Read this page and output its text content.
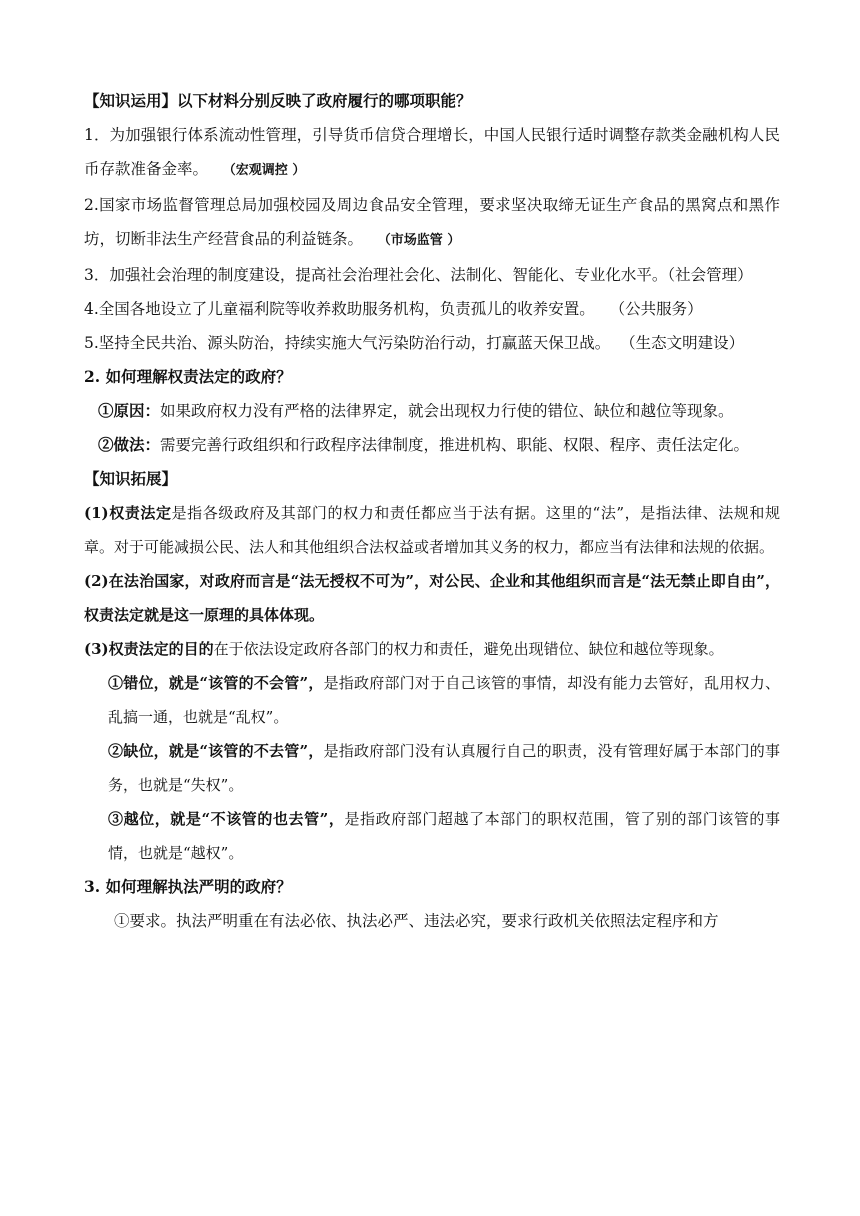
【知识运用】以下材料分别反映了政府履行的哪项职能？

1．为加强银行体系流动性管理，引导货币信贷合理增长，中国人民银行适时调整存款类金融机构人民币存款准备金率。 （宏观调控 ）

2.国家市场监督管理总局加强校园及周边食品安全管理，要求坚决取缔无证生产食品的黑窝点和黑作坊，切断非法生产经营食品的利益链条。 （市场监管 ）

3．加强社会治理的制度建设，提高社会治理社会化、法制化、智能化、专业化水平。（社会管理）

4.全国各地设立了儿童福利院等收养救助服务机构，负责孤儿的收养安置。 （公共服务）

5.坚持全民共治、源头防治，持续实施大气污染防治行动，打赢蓝天保卫战。 （生态文明建设）

2. 如何理解权责法定的政府？

①原因：如果政府权力没有严格的法律界定，就会出现权力行使的错位、缺位和越位等现象。

②做法：需要完善行政组织和行政程序法律制度，推进机构、职能、权限、程序、责任法定化。

【知识拓展】

(1)权责法定是指各级政府及其部门的权力和责任都应当于法有据。这里的“法”，是指法律、法规和规章。对于可能减损公民、法人和其他组织合法权益或者增加其义务的权力，都应当有法律和法规的依据。

(2)在法治国家，对政府而言是“法无授权不可为”，对公民、企业和其他组织而言是“法无禁止即自由”，权责法定就是这一原理的具体体现。

(3)权责法定的目的在于依法设定政府各部门的权力和责任，避免出现错位、缺位和越位等现象。

①错位，就是“该管的不会管”，是指政府部门对于自己该管的事情，却没有能力去管好，乱用权力、乱搞一通，也就是“乱权”。

②缺位，就是“该管的不去管”，是指政府部门没有认真履行自己的职责，没有管理好属于本部门的事务，也就是“失权”。

③越位，就是“不该管的也去管”，是指政府部门超越了本部门的职权范围，管了别的部门该管的事情，也就是“越权”。

3. 如何理解执法严明的政府？

①要求。执法严明重在有法必依、执法必严、违法必究，要求行政机关依照法定程序和方
